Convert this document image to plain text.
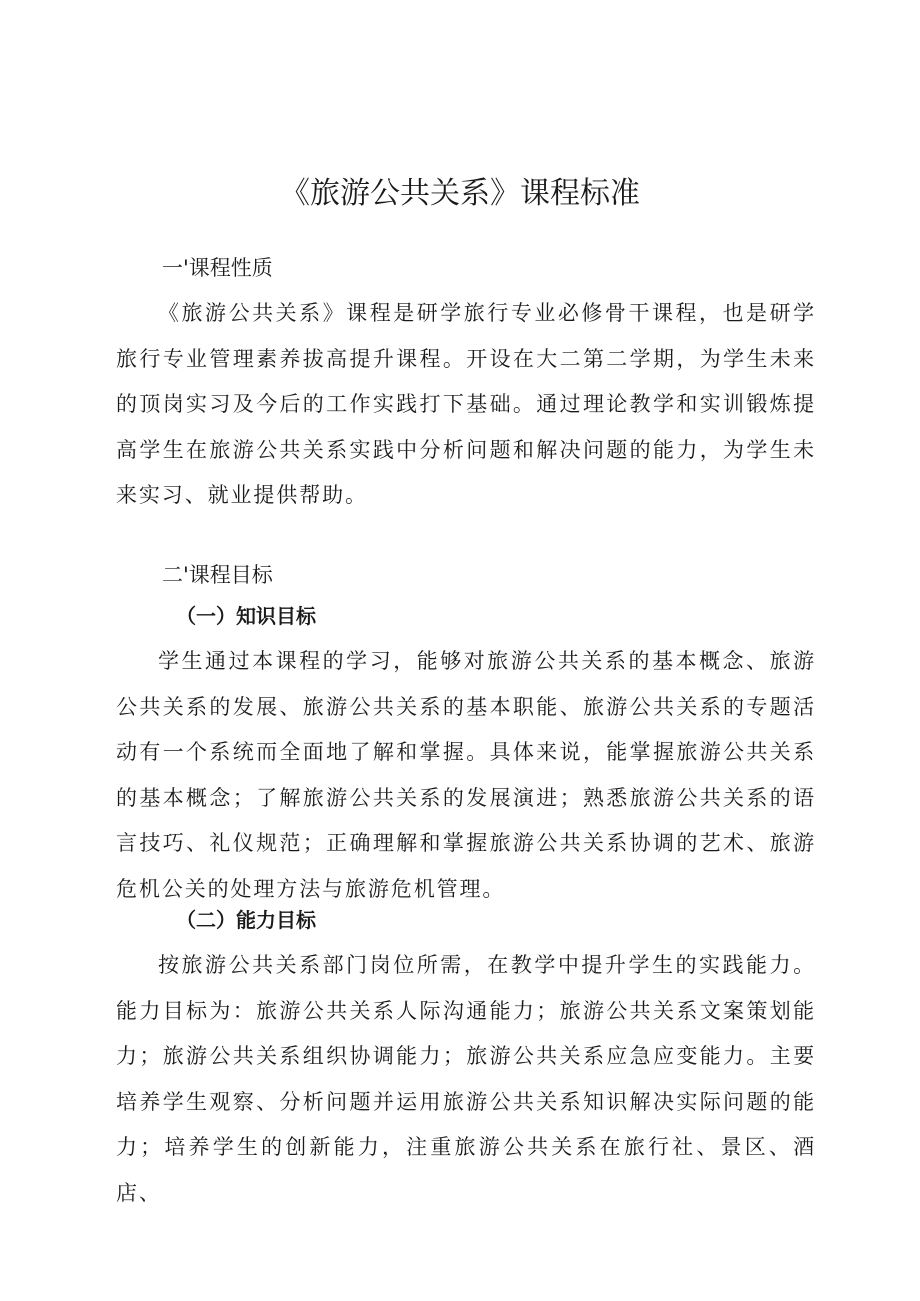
《旅游公共关系》课程标准
一'课程性质

《旅游公共关系》课程是研学旅行专业必修骨干课程，也是研学旅行专业管理素养拔高提升课程。开设在大二第二学期，为学生未来的顶岗实习及今后的工作实践打下基础。通过理论教学和实训锻炼提高学生在旅游公共关系实践中分析问题和解决问题的能力，为学生未来实习、就业提供帮助。

二'课程目标
（一）知识目标

学生通过本课程的学习，能够对旅游公共关系的基本概念、旅游公共关系的发展、旅游公共关系的基本职能、旅游公共关系的专题活动有一个系统而全面地了解和掌握。具体来说，能掌握旅游公共关系的基本概念；了解旅游公共关系的发展演进；熟悉旅游公共关系的语言技巧、礼仪规范；正确理解和掌握旅游公共关系协调的艺术、旅游危机公关的处理方法与旅游危机管理。

（二）能力目标

按旅游公共关系部门岗位所需，在教学中提升学生的实践能力。能力目标为：旅游公共关系人际沟通能力；旅游公共关系文案策划能力；旅游公共关系组织协调能力；旅游公共关系应急应变能力。主要培养学生观察、分析问题并运用旅游公共关系知识解决实际问题的能力；培养学生的创新能力，注重旅游公共关系在旅行社、景区、酒店、
